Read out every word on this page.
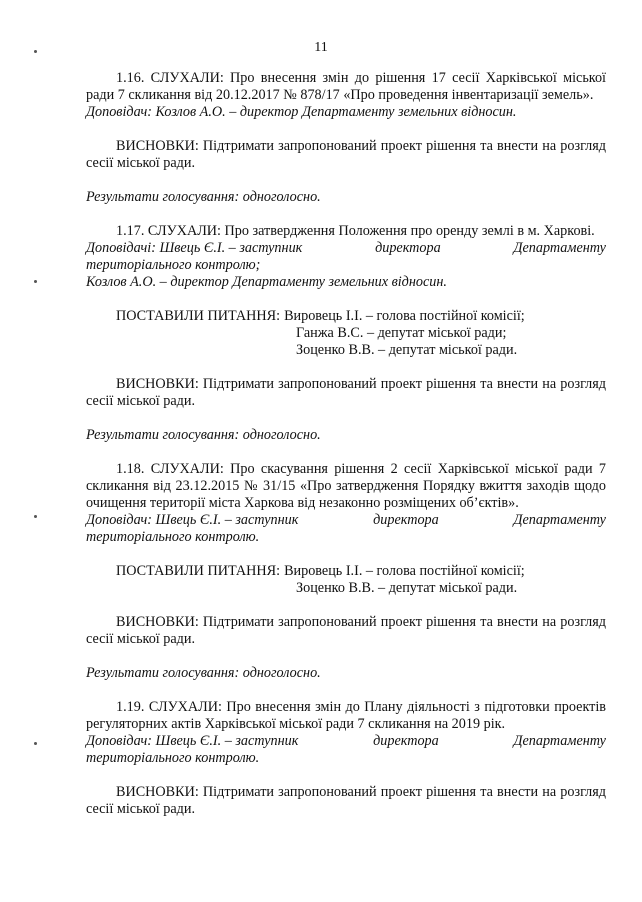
11

1.16. СЛУХАЛИ: Про внесення змін до рішення 17 сесії Харківської міської ради 7 скликання від 20.12.2017 № 878/17 «Про проведення інвентаризації земель».

Доповідач: Козлов А.О. – директор Департаменту земельних відносин.

ВИСНОВКИ: Підтримати запропонований проект рішення та внести на розгляд сесії міської ради.

Результати голосування: одноголосно.

1.17. СЛУХАЛИ: Про затвердження Положення про оренду землі в м. Харкові.

Доповідачі: Швець Є.І. – заступник	директора	Департаменту

територіального контролю;

Козлов А.О. – директор Департаменту земельних відносин.

ПОСТАВИЛИ ПИТАННЯ: Вировець І.І. – голова постійної комісії;

Ганжа В.С. – депутат міської ради;

Зоценко В.В. – депутат міської ради.

ВИСНОВКИ: Підтримати запропонований проект рішення та внести на розгляд сесії міської ради.

Результати голосування: одноголосно.

1.18. СЛУХАЛИ: Про скасування рішення 2 сесії Харківської міської ради 7 скликання від 23.12.2015 № 31/15 «Про затвердження Порядку вжиття заходів щодо очищення території міста Харкова від незаконно розміщених об’єктів».

Доповідач: Швець Є.І. – заступник	директора	Департаменту

територіального контролю.

ПОСТАВИЛИ ПИТАННЯ: Вировець І.І. – голова постійної комісії;

Зоценко В.В. – депутат міської ради.

ВИСНОВКИ: Підтримати запропонований проект рішення та внести на розгляд сесії міської ради.

Результати голосування: одноголосно.

1.19. СЛУХАЛИ: Про внесення змін до Плану діяльності з підготовки проектів регуляторних актів Харківської міської ради 7 скликання на 2019 рік.

Доповідач: Швець Є.І. – заступник	директора	Департаменту

територіального контролю.

ВИСНОВКИ: Підтримати запропонований проект рішення та внести на розгляд сесії міської ради.
